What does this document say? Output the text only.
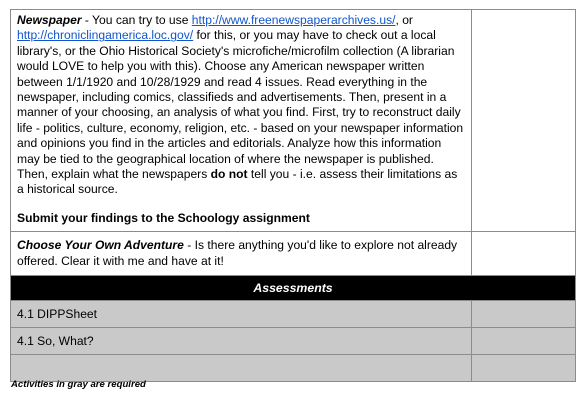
Newspaper - You can try to use http://www.freenewspaperarchives.us/, or http://chroniclingamerica.loc.gov/ for this, or you may have to check out a local library's, or the Ohio Historical Society's microfiche/microfilm collection (A librarian would LOVE to help you with this). Choose any American newspaper written between 1/1/1920 and 10/28/1929 and read 4 issues. Read everything in the newspaper, including comics, classifieds and advertisements. Then, present in a manner of your choosing, an analysis of what you find. First, try to reconstruct daily life - politics, culture, economy, religion, etc. - based on your newspaper information and opinions you find in the articles and editorials. Analyze how this information may be tied to the geographical location of where the newspaper is published. Then, explain what the newspapers do not tell you - i.e. assess their limitations as a historical source.

Submit your findings to the Schoology assignment	

Choose Your Own Adventure - Is there anything you'd like to explore not already offered. Clear it with me and have at it!	

Assessments	
4.1 DIPPSheet	
4.1 So, What?	

Activities in gray are required
